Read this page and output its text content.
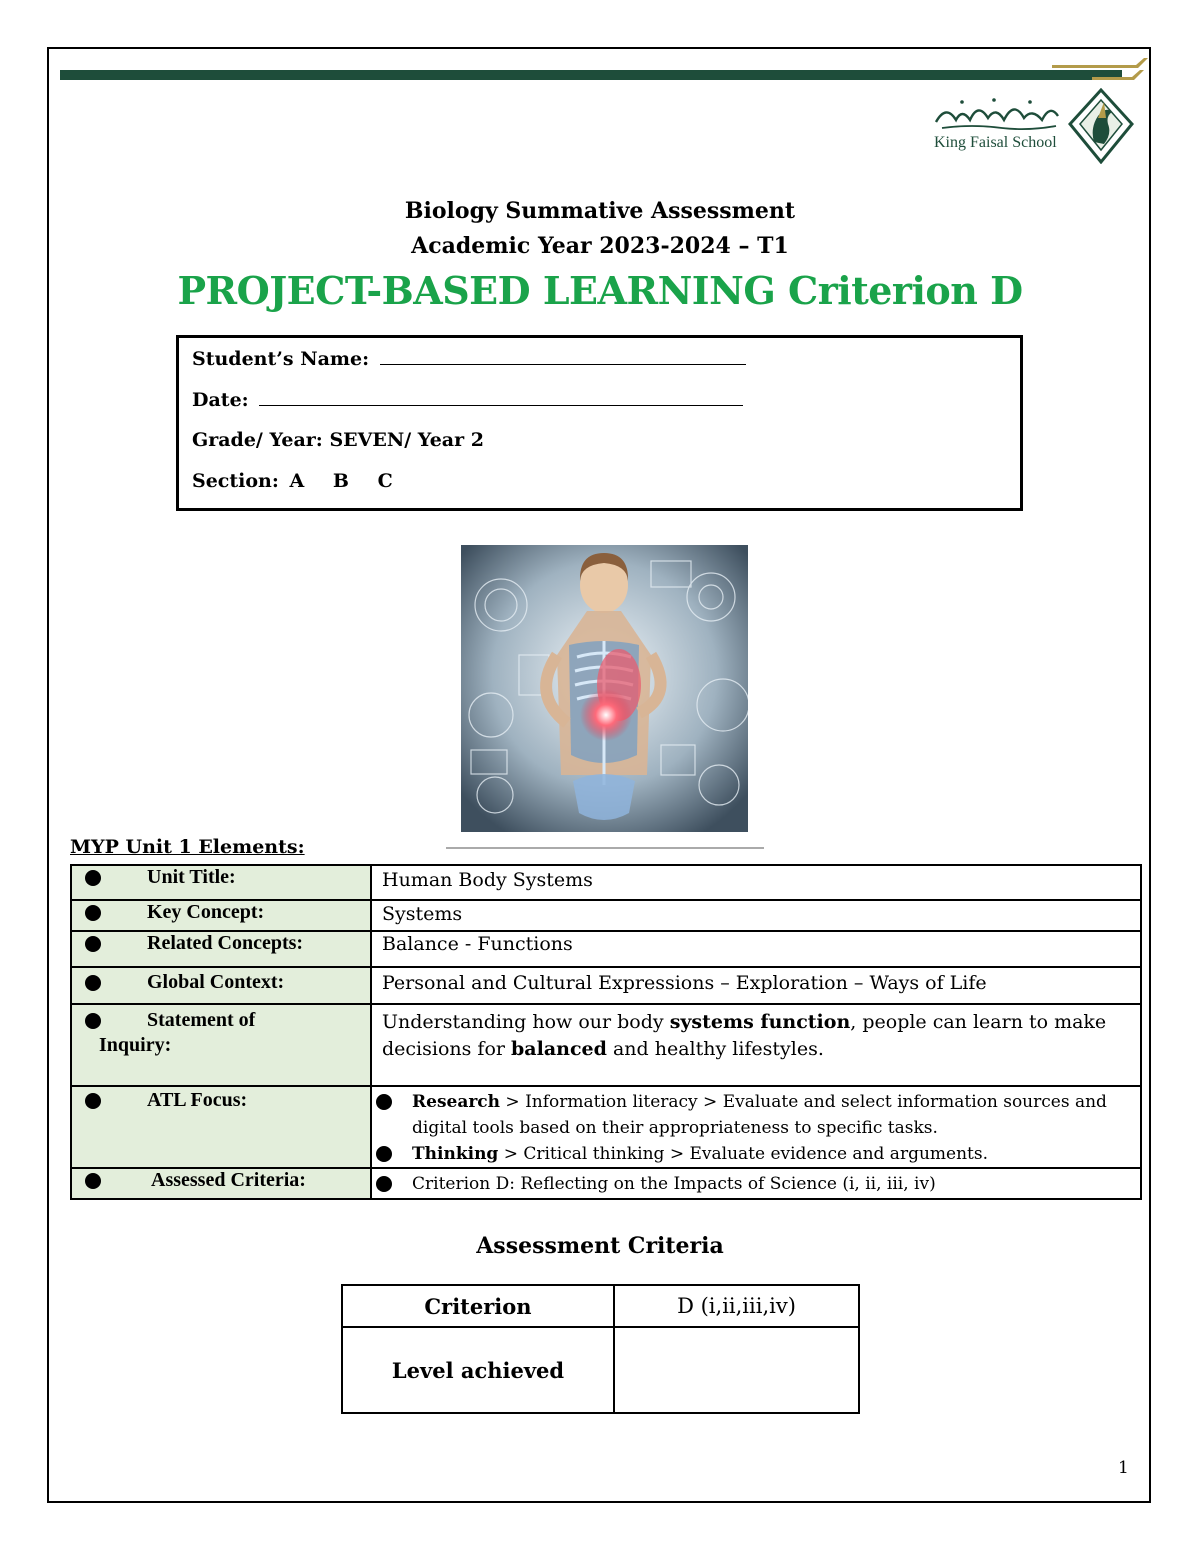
King Faisal School
Biology Summative Assessment
Academic Year 2023-2024 – T1
PROJECT-BASED LEARNING Criterion D
Student’s Name:
Date:
Grade/ Year: SEVEN/ Year 2
Section: A B C
MYP Unit 1 Elements:
Unit Title:	Human Body Systems
Key Concept:	Systems
Related Concepts:	Balance - Functions
Global Context:	Personal and Cultural Expressions – Exploration – Ways of Life
Statement of
Inquiry:	Understanding how our body systems function, people can learn to make decisions for balanced and healthy lifestyles.
ATL Focus:	Research > Information literacy > Evaluate and select information sources and
digital tools based on their appropriateness to specific tasks.
Thinking > Critical thinking > Evaluate evidence and arguments.

Assessed Criteria:	Criterion D: Reflecting on the Impacts of Science (i, ii, iii, iv)
Assessment Criteria
Criterion	D (i,ii,iii,iv)
Level achieved	
1
